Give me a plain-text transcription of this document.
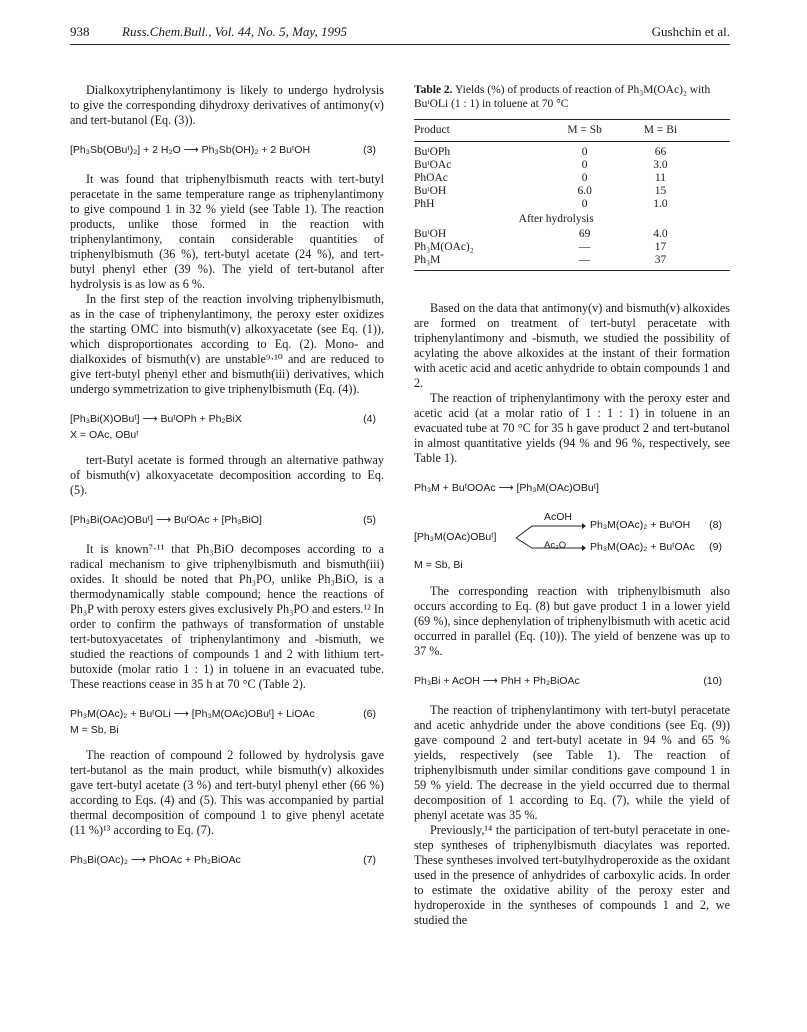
938	Russ.Chem.Bull., Vol. 44, No. 5, May, 1995	Gushchin et al.

Dialkoxytriphenylantimony is likely to undergo hydrolysis to give the corresponding dihydroxy derivatives of antimony(v) and tert-butanol (Eq. (3)).

[Ph₃Sb(OBuᵗ)₂] + 2 H₂O ⟶ Ph₃Sb(OH)₂ + 2 BuᵗOH	(3)

It was found that triphenylbismuth reacts with tert-butyl peracetate in the same temperature range as triphenylantimony to give compound 1 in 32 % yield (see Table 1). The reaction products, unlike those formed in the reaction with triphenylantimony, contain considerable quantities of triphenylbismuth (36 %), tert-butyl acetate (24 %), and tert-butyl phenyl ether (39 %). The yield of tert-butanol after hydrolysis is as low as 6 %.

In the first step of the reaction involving triphenylbismuth, as in the case of triphenylantimony, the peroxy ester oxidizes the starting OMC into bismuth(v) alkoxyacetate (see Eq. (1)), which disproportionates according to Eq. (2). Mono- and dialkoxides of bismuth(v) are unstable⁹·¹⁰ and are reduced to give tert-butyl phenyl ether and bismuth(iii) derivatives, which undergo symmetrization to give triphenylbismuth (Eq. (4)).

[Ph₃Bi(X)OBuᵗ] ⟶ BuᵗOPh + Ph₂BiX	(4)
X = OAc, OBuᵗ

tert-Butyl acetate is formed through an alternative pathway of bismuth(v) alkoxyacetate decomposition according to Eq. (5).

[Ph₃Bi(OAc)OBuᵗ] ⟶ BuᵗOAc + [Ph₃BiO]	(5)

It is known⁷·¹¹ that Ph₃BiO decomposes according to a radical mechanism to give triphenylbismuth and bismuth(iii) oxides. It should be noted that Ph₃PO, unlike Ph₃BiO, is a thermodynamically stable compound; hence the reactions of Ph₃P with peroxy esters gives exclusively Ph₃PO and esters.¹² In order to confirm the pathways of transformation of unstable tert-butoxyacetates of triphenylantimony and -bismuth, we studied the reactions of compounds 1 and 2 with lithium tert-butoxide (molar ratio 1 : 1) in toluene in an evacuated tube. These reactions cease in 35 h at 70 °C (Table 2).

Ph₃M(OAc)₂ + BuᵗOLi ⟶ [Ph₃M(OAc)OBuᵗ] + LiOAc	(6)
M = Sb, Bi

The reaction of compound 2 followed by hydrolysis gave tert-butanol as the main product, while bismuth(v) alkoxides gave tert-butyl acetate (3 %) and tert-butyl phenyl ether (66 %) according to Eqs. (4) and (5). This was accompanied by partial thermal decomposition of compound 1 to give phenyl acetate (11 %)¹³ according to Eq. (7).

Ph₃Bi(OAc)₂ ⟶ PhOAc + Ph₂BiOAc	(7)
Table 2. Yields (%) of products of reaction of Ph₃M(OAc)₂ with BuᵗOLi (1 : 1) in toluene at 70 °C
Product	M = Sb	M = Bi	
BuᵗOPh	0	66	
BuᵗOAc	0	3.0	
PhOAc	0	11	
BuᵗOH	6.0	15	
PhH	0	1.0	
After hydrolysis			
BuᵗOH	69	4.0	
Ph₃M(OAc)₂	—	17	
Ph₃M	—	37	

Based on the data that antimony(v) and bismuth(v) alkoxides are formed on treatment of tert-butyl peracetate with triphenylantimony and -bismuth, we studied the possibility of acylating the above alkoxides at the instant of their formation with acetic acid and acetic anhydride to obtain compounds 1 and 2.

The reaction of triphenylantimony with the peroxy ester and acetic acid (at a molar ratio of 1 : 1 : 1) in toluene in an evacuated tube at 70 °C for 35 h gave product 2 and tert-butanol in almost quantitative yields (94 % and 96 %, respectively, see Table 1).

Ph₃M + BuᵗOOAc ⟶ [Ph₃M(OAc)OBuᵗ]
[Ph₃M(OAc)OBuᵗ]
AcOH
Ac₂O
Ph₃M(OAc)₂ + BuᵗOH (8)
Ph₃M(OAc)₂ + BuᵗOAc (9)
M = Sb, Bi

The corresponding reaction with triphenylbismuth also occurs according to Eq. (8) but gave product 1 in a lower yield (69 %), since dephenylation of triphenylbismuth with acetic acid occurred in parallel (Eq. (10)). The yield of benzene was up to 37 %.

Ph₃Bi + AcOH ⟶ PhH + Ph₂BiOAc	(10)

The reaction of triphenylantimony with tert-butyl peracetate and acetic anhydride under the above conditions (see Eq. (9)) gave compound 2 and tert-butyl acetate in 94 % and 65 % yields, respectively (see Table 1). The reaction of triphenylbismuth under similar conditions gave compound 1 in 59 % yield. The decrease in the yield occurred due to thermal decomposition of 1 according to Eq. (7), while the yield of phenyl acetate was 35 %.

Previously,¹⁴ the participation of tert-butyl peracetate in one-step syntheses of triphenylbismuth diacylates was reported. These syntheses involved tert-butylhydroperoxide as the oxidant used in the presence of anhydrides of carboxylic acids. In order to estimate the oxidative ability of the peroxy ester and hydroperoxide in the syntheses of compounds 1 and 2, we studied the
